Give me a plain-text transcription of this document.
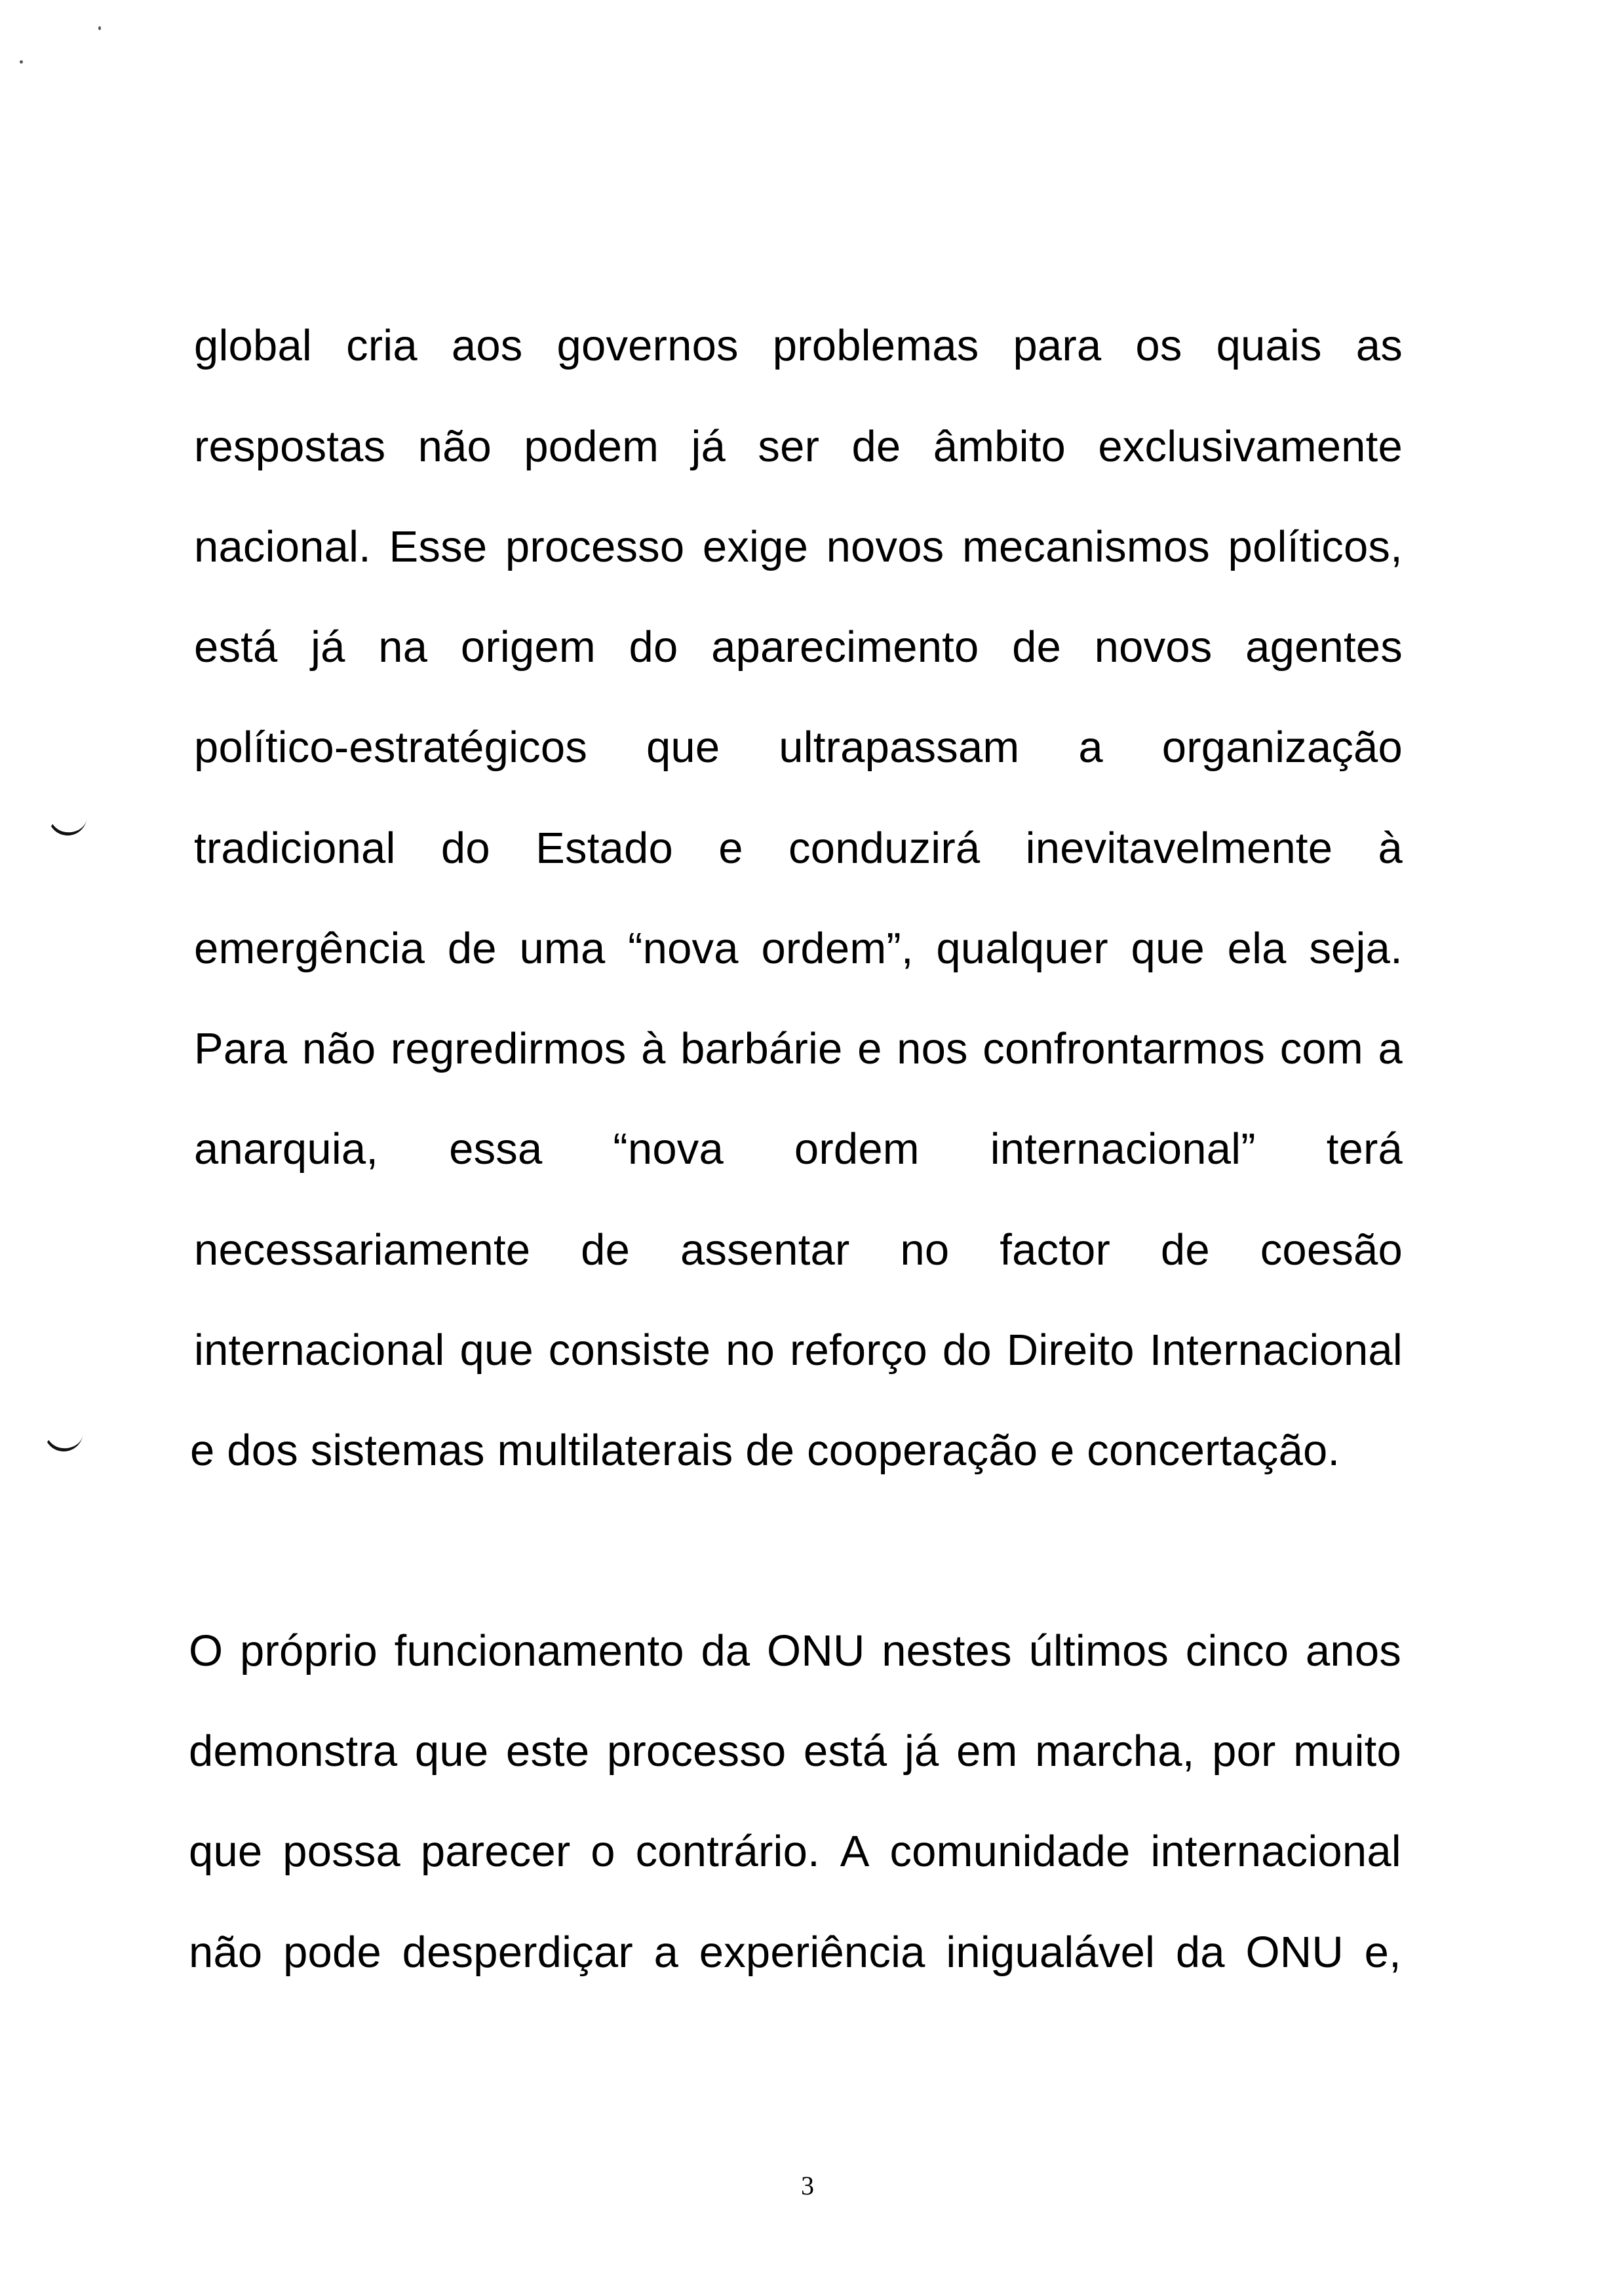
global cria aos governos problemas para os quais as
respostas não podem já ser de âmbito exclusivamente
nacional. Esse processo exige novos mecanismos políticos,
está já na origem do aparecimento de novos agentes
político-estratégicos que ultrapassam a organização
tradicional do Estado e conduzirá inevitavelmente à
emergência de uma “nova ordem”, qualquer que ela seja.
Para não regredirmos à barbárie e nos confrontarmos com a
anarquia, essa “nova ordem internacional” terá
necessariamente de assentar no factor de coesão
internacional que consiste no reforço do Direito Internacional
e dos sistemas multilaterais de cooperação e concertação.
O próprio funcionamento da ONU nestes últimos cinco anos
demonstra que este processo está já em marcha, por muito
que possa parecer o contrário. A comunidade internacional
não pode desperdiçar a experiência inigualável da ONU e,
3
